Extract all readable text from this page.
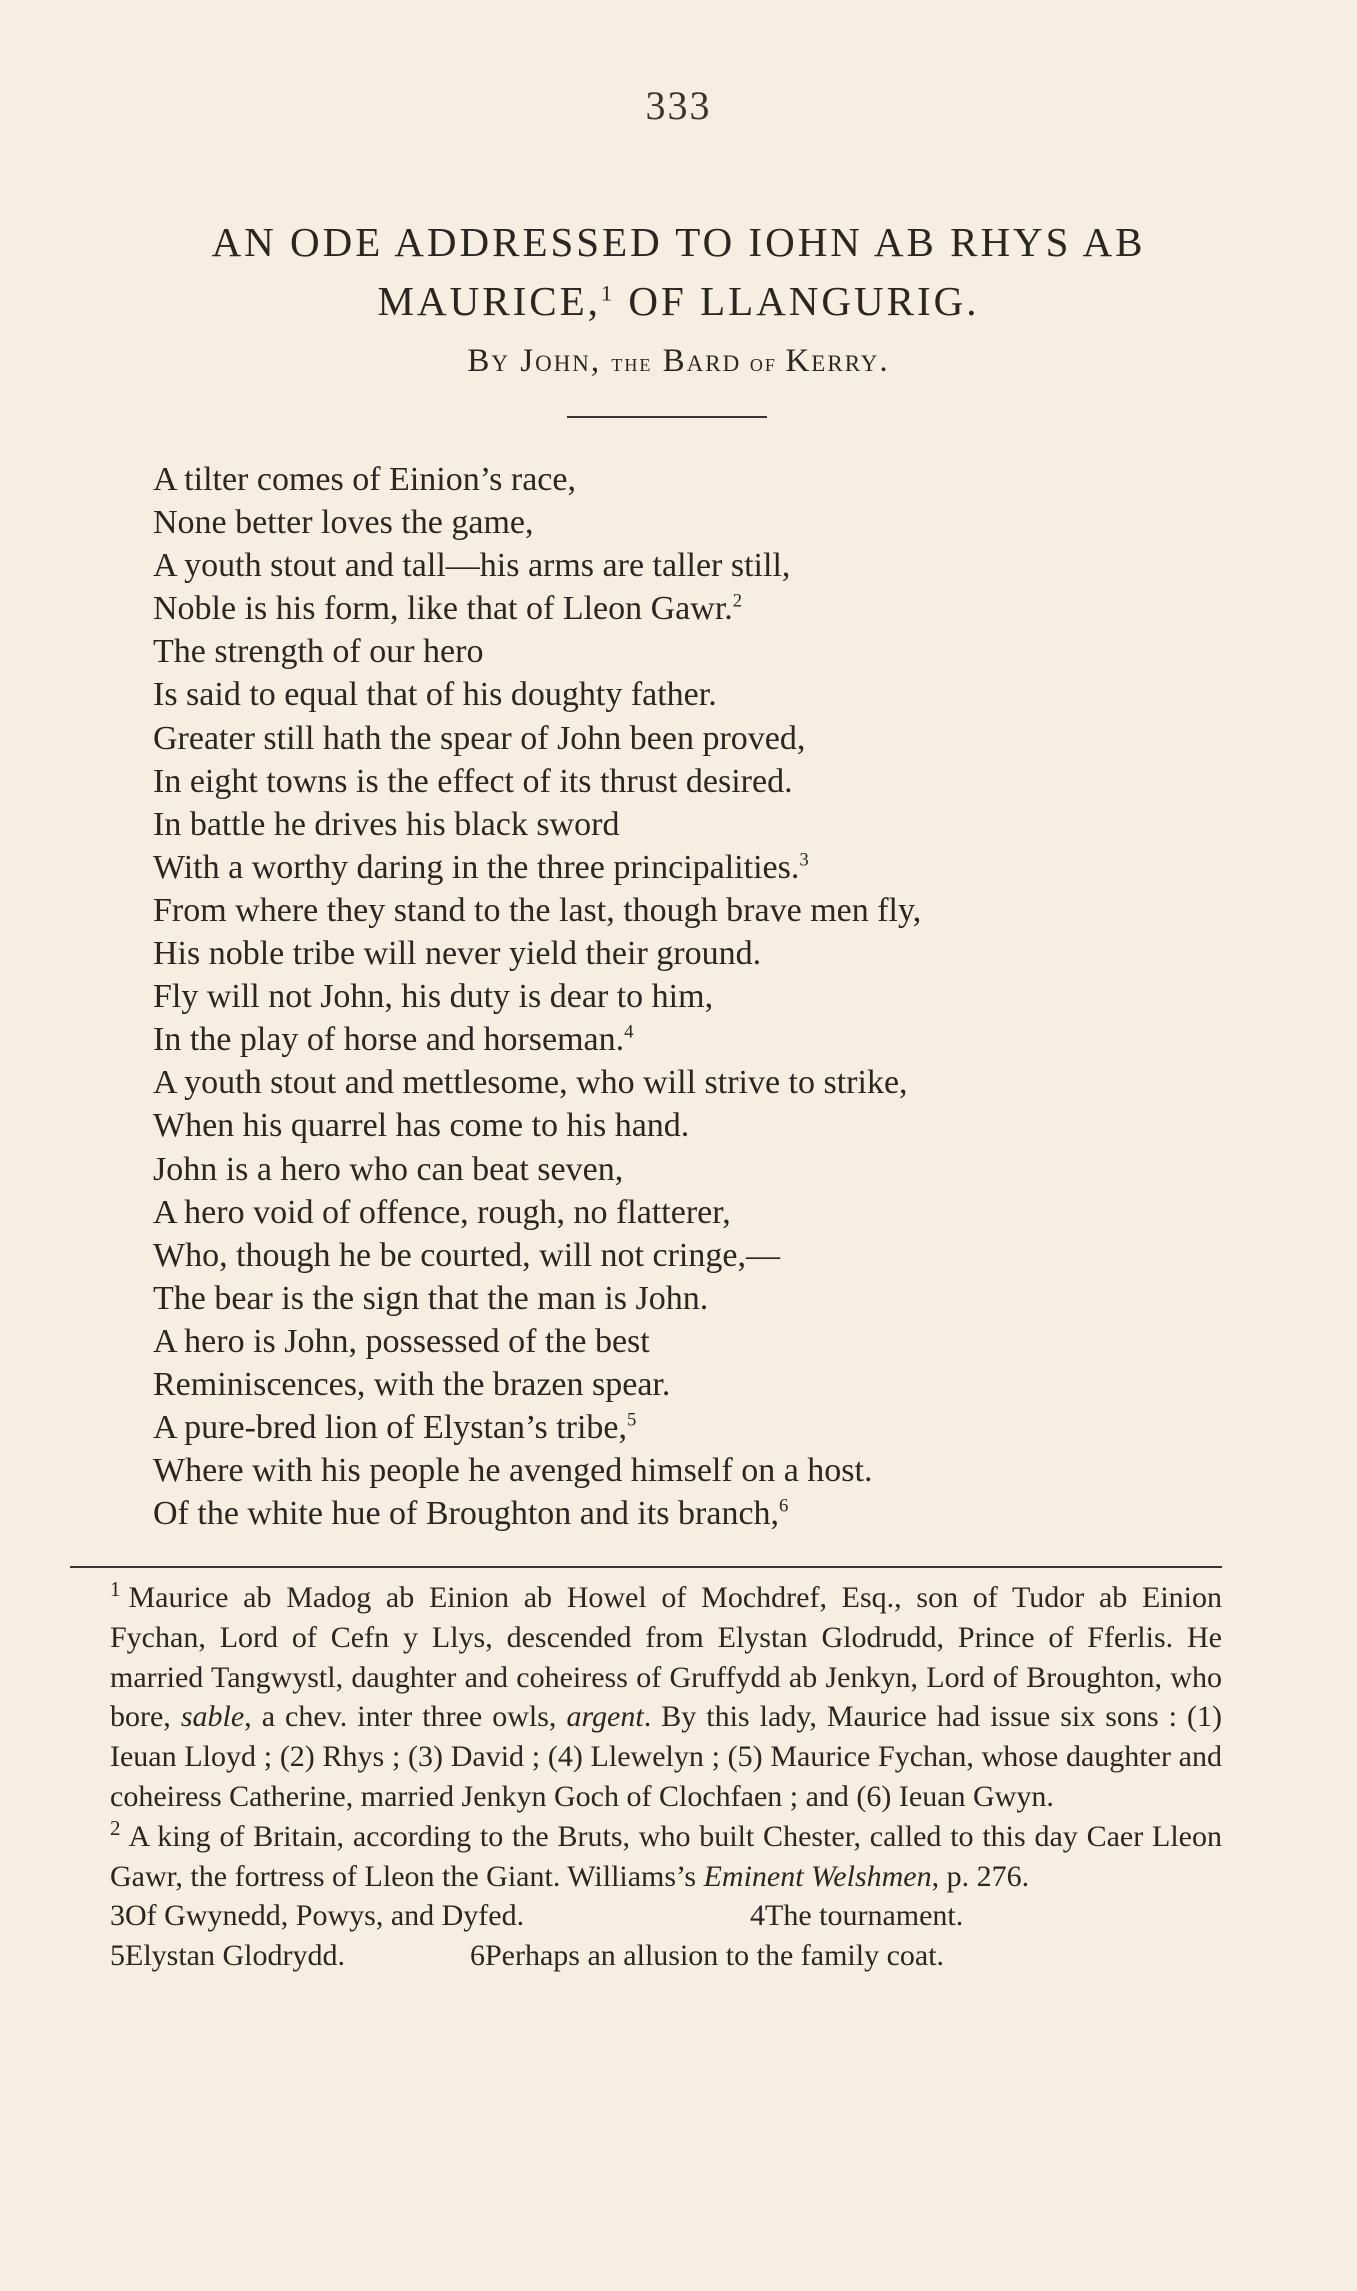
333
AN ODE ADDRESSED TO IOHN AB RHYS AB
MAURICE,$^1$ OF LLANGURIG.
By John, the Bard of Kerry.
A tilter comes of Einion’s race,
None better loves the game,
A youth stout and tall—his arms are taller still,
Noble is his form, like that of Lleon Gawr.$^2$
The strength of our hero
Is said to equal that of his doughty father.
Greater still hath the spear of John been proved,
In eight towns is the effect of its thrust desired.
In battle he drives his black sword
With a worthy daring in the three principalities.$^3$
From where they stand to the last, though brave men fly,
His noble tribe will never yield their ground.
Fly will not John, his duty is dear to him,
In the play of horse and horseman.$^4$
A youth stout and mettlesome, who will strive to strike,
When his quarrel has come to his hand.
John is a hero who can beat seven,
A hero void of offence, rough, no flatterer,
Who, though he be courted, will not cringe,—
The bear is the sign that the man is John.
A hero is John, possessed of the best
Reminiscences, with the brazen spear.
A pure-bred lion of Elystan’s tribe,$^5$
Where with his people he avenged himself on a host.
Of the white hue of Broughton and its branch,$^6$

$^1$ Maurice ab Madog ab Einion ab Howel of Mochdref, Esq., son of Tudor ab Einion Fychan, Lord of Cefn y Llys, descended from Elystan Glodrudd, Prince of Fferlis. He married Tangwystl, daughter and coheiress of Gruffydd ab Jenkyn, Lord of Broughton, who bore, sable, a chev. inter three owls, argent. By this lady, Maurice had issue six sons : (1) Ieuan Lloyd ; (2) Rhys ; (3) David ; (4) Llewelyn ; (5) Maurice Fychan, whose daughter and coheiress Catherine, married Jenkyn Goch of Clochfaen ; and (6) Ieuan Gwyn.

$^2$ A king of Britain, according to the Bruts, who built Chester, called to this day Caer Lleon Gawr, the fortress of Lleon the Giant. Williams’s Eminent Welshmen, p. 276.

3Of Gwynedd, Powys, and Dyfed.	4The tournament.
5Elystan Glodrydd.	6Perhaps an allusion to the family coat.
